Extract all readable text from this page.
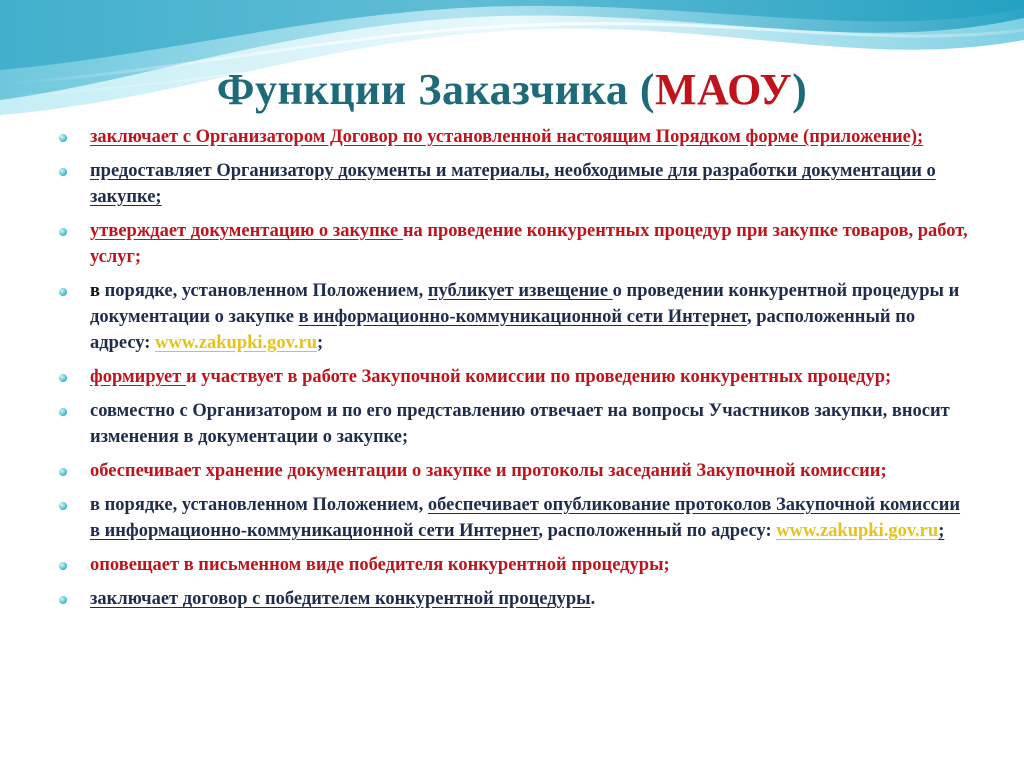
Функции Заказчика (МАОУ)
заключает с Организатором Договор по установленной настоящим Порядком форме (приложение);
предоставляет Организатору документы и материалы, необходимые для разработки документации о закупке;
утверждает документацию о закупке на проведение конкурентных процедур при закупке товаров, работ, услуг;
в порядке, установленном Положением, публикует извещение о проведении конкурентной процедуры и документации о закупке в информационно-коммуникационной сети Интернет, расположенный по адресу: www.zakupki.gov.ru;
формирует и участвует в работе Закупочной комиссии по проведению конкурентных процедур;
совместно с Организатором и по его представлению отвечает на вопросы Участников закупки, вносит изменения в документации о закупке;
обеспечивает хранение документации о закупке и протоколы заседаний Закупочной комиссии;
в порядке, установленном Положением, обеспечивает опубликование протоколов Закупочной комиссии в информационно-коммуникационной сети Интернет, расположенный по адресу: www.zakupki.gov.ru;
оповещает в письменном виде победителя конкурентной процедуры;
заключает договор с победителем конкурентной процедуры.
